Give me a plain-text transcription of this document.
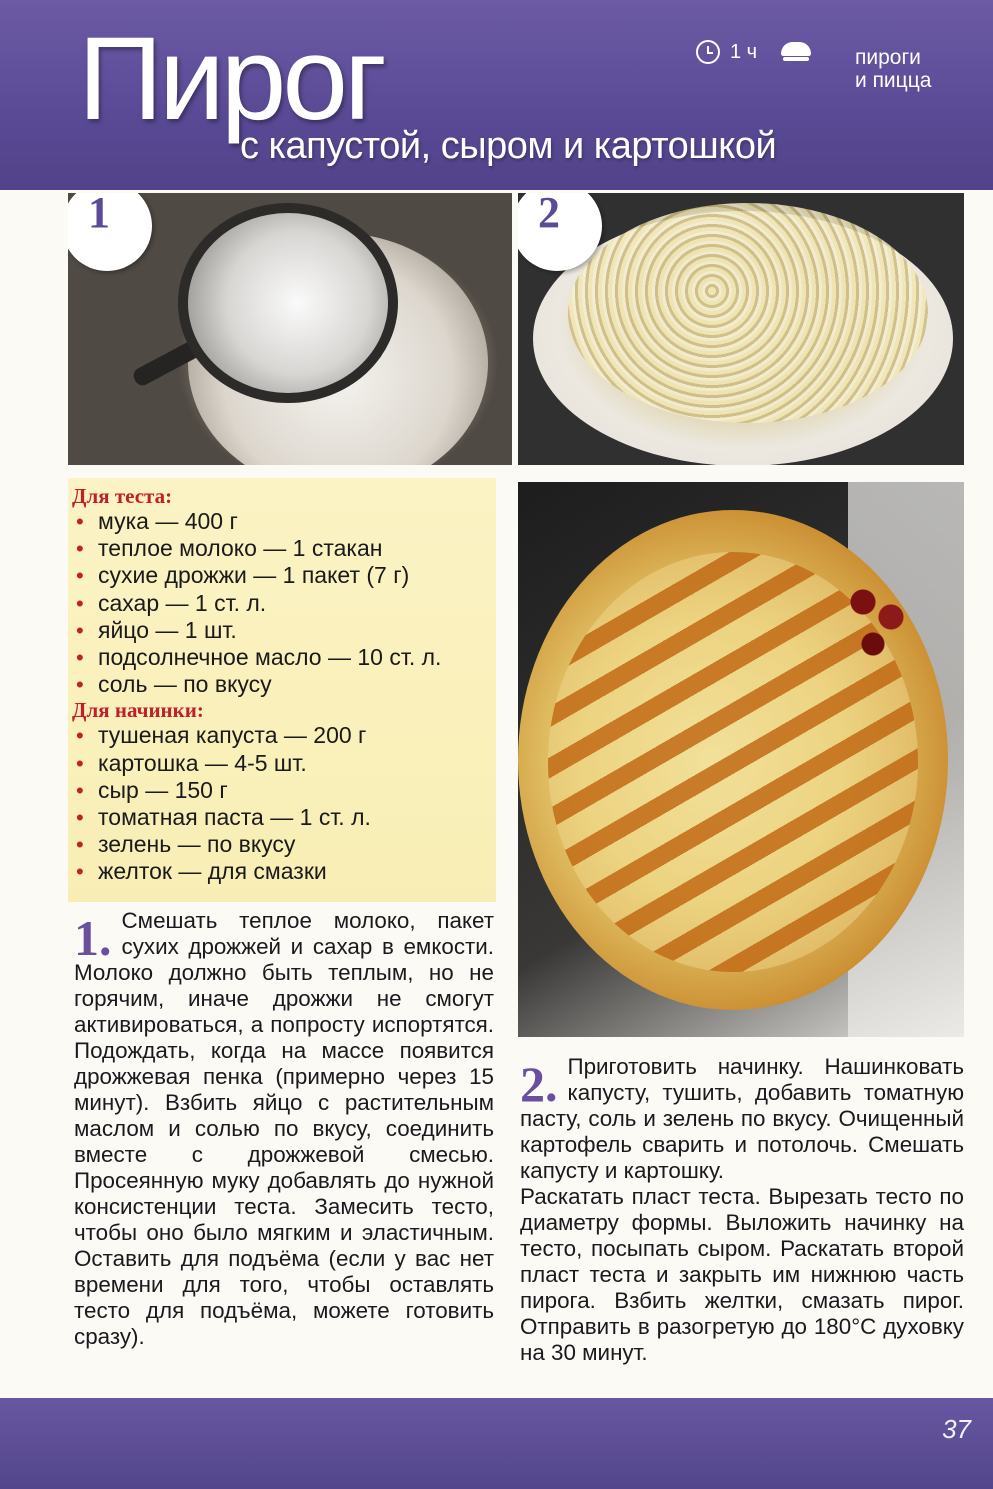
Пирог
с капустой, сыром и картошкой
1 ч	пироги
и пицца
1	2
Для теста:
• мука — 400 г
• теплое молоко — 1 стакан
• сухие дрожжи — 1 пакет (7 г)
• сахар — 1 ст. л.
• яйцо — 1 шт.
• подсолнечное масло — 10 ст. л.
• соль — по вкусу
Для начинки:
• тушеная капуста — 200 г
• картошка — 4-5 шт.
• сыр — 150 г
• томатная паста — 1 ст. л.
• зелень — по вкусу
• желток — для смазки
1. Смешать теплое молоко, пакет сухих дрожжей и сахар в емкости. Молоко должно быть теплым, но не горячим, иначе дрожжи не смогут активироваться, а попросту испортятся. Подождать, когда на массе появится дрожжевая пенка (примерно через 15 минут). Взбить яйцо с растительным маслом и солью по вкусу, соединить вместе с дрожжевой смесью. Просеянную муку добавлять до нужной консистенции теста. Замесить тесто, чтобы оно было мягким и эластичным. Оставить для подъёма (если у вас нет времени для того, чтобы оставлять тесто для подъёма, можете готовить сразу).

2. Приготовить начинку. Нашинковать капусту, тушить, добавить томатную пасту, соль и зелень по вкусу. Очищенный картофель сварить и потолочь. Смешать капусту и картошку.

Раскатать пласт теста. Вырезать тесто по диаметру формы. Выложить начинку на тесто, посыпать сыром. Раскатать второй пласт теста и закрыть им нижнюю часть пирога. Взбить желтки, смазать пирог. Отправить в разогретую до 180°С духовку на 30 минут.

37
